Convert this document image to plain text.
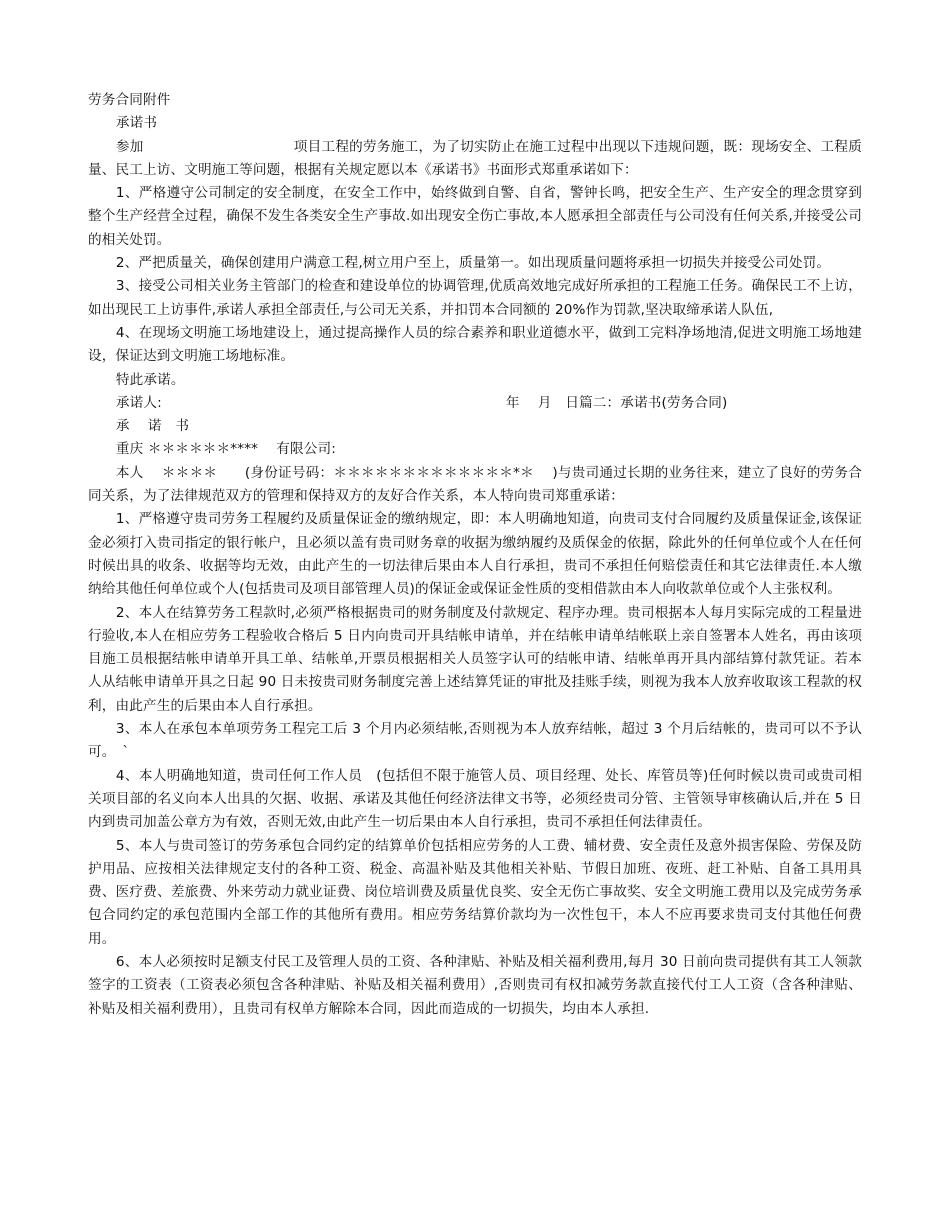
劳务合同附件

承诺书

参加	项目工程的劳务施工，为了切实防止在施工过程中出现以下违规问题，既：现场安全、工程质量、民工上访、文明施工等问题，根据有关规定愿以本《承诺书》书面形式郑重承诺如下：

1、严格遵守公司制定的安全制度，在安全工作中，始终做到自警、自省，警钟长鸣，把安全生产、生产安全的理念贯穿到整个生产经营全过程，确保不发生各类安全生产事故.如出现安全伤亡事故,本人愿承担全部责任与公司没有任何关系,并接受公司的相关处罚。

2、严把质量关，确保创建用户满意工程,树立用户至上，质量第一。如出现质量问题将承担一切损失并接受公司处罚。

3、接受公司相关业务主管部门的检查和建设单位的协调管理,优质高效地完成好所承担的工程施工任务。确保民工不上访，如出现民工上访事件,承诺人承担全部责任,与公司无关系，并扣罚本合同额的 20%作为罚款,坚决取缔承诺人队伍,

4、在现场文明施工场地建设上，通过提高操作人员的综合素养和职业道德水平，做到工完料净场地清,促进文明施工场地建设，保证达到文明施工场地标准。

特此承诺。

承诺人:	年　 月　日篇二：承诺书(劳务合同)

承　 诺　书

重庆 ＊＊＊＊＊＊****　 有限公司:

本人　 ＊＊＊＊　　(身份证号码：＊＊＊＊＊＊＊＊＊＊＊＊＊*＊　 )与贵司通过长期的业务往来，建立了良好的劳务合同关系，为了法律规范双方的管理和保持双方的友好合作关系，本人特向贵司郑重承诺：

1、严格遵守贵司劳务工程履约及质量保证金的缴纳规定，即：本人明确地知道，向贵司支付合同履约及质量保证金,该保证金必须打入贵司指定的银行帐户，且必须以盖有贵司财务章的收据为缴纳履约及质保金的依据，除此外的任何单位或个人在任何时候出具的收条、收据等均无效，由此产生的一切法律后果由本人自行承担，贵司不承担任何赔偿责任和其它法律责任.本人缴纳给其他任何单位或个人(包括贵司及项目部管理人员)的保证金或保证金性质的变相借款由本人向收款单位或个人主张权利。

2、本人在结算劳务工程款时,必须严格根据贵司的财务制度及付款规定、程序办理。贵司根据本人每月实际完成的工程量进行验收,本人在相应劳务工程验收合格后 5 日内向贵司开具结帐申请单，并在结帐申请单结帐联上亲自签署本人姓名，再由该项目施工员根据结帐申请单开具工单、结帐单,开票员根据相关人员签字认可的结帐申请、结帐单再开具内部结算付款凭证。若本人从结帐申请单开具之日起 90 日未按贵司财务制度完善上述结算凭证的审批及挂账手续，则视为我本人放弃收取该工程款的权利，由此产生的后果由本人自行承担。

3、本人在承包本单项劳务工程完工后 3 个月内必须结帐,否则视为本人放弃结帐，超过 3 个月后结帐的，贵司可以不予认可。　`

4、本人明确地知道，贵司任何工作人员　(包括但不限于施管人员、项目经理、处长、库管员等)任何时候以贵司或贵司相关项目部的名义向本人出具的欠据、收据、承诺及其他任何经济法律文书等，必须经贵司分管、主管领导审核确认后,并在 5 日内到贵司加盖公章方为有效，否则无效,由此产生一切后果由本人自行承担，贵司不承担任何法律责任。

5、本人与贵司签订的劳务承包合同约定的结算单价包括相应劳务的人工费、辅材费、安全责任及意外损害保险、劳保及防护用品、应按相关法律规定支付的各种工资、税金、高温补贴及其他相关补贴、节假日加班、夜班、赶工补贴、自备工具用具费、医疗费、差旅费、外来劳动力就业证费、岗位培训费及质量优良奖、安全无伤亡事故奖、安全文明施工费用以及完成劳务承包合同约定的承包范围内全部工作的其他所有费用。相应劳务结算价款均为一次性包干，本人不应再要求贵司支付其他任何费用。

6、本人必须按时足额支付民工及管理人员的工资、各种津贴、补贴及相关福利费用,每月 30 日前向贵司提供有其工人领款签字的工资表（工资表必须包含各种津贴、补贴及相关福利费用）,否则贵司有权扣减劳务款直接代付工人工资（含各种津贴、补贴及相关福利费用），且贵司有权单方解除本合同，因此而造成的一切损失，均由本人承担.
